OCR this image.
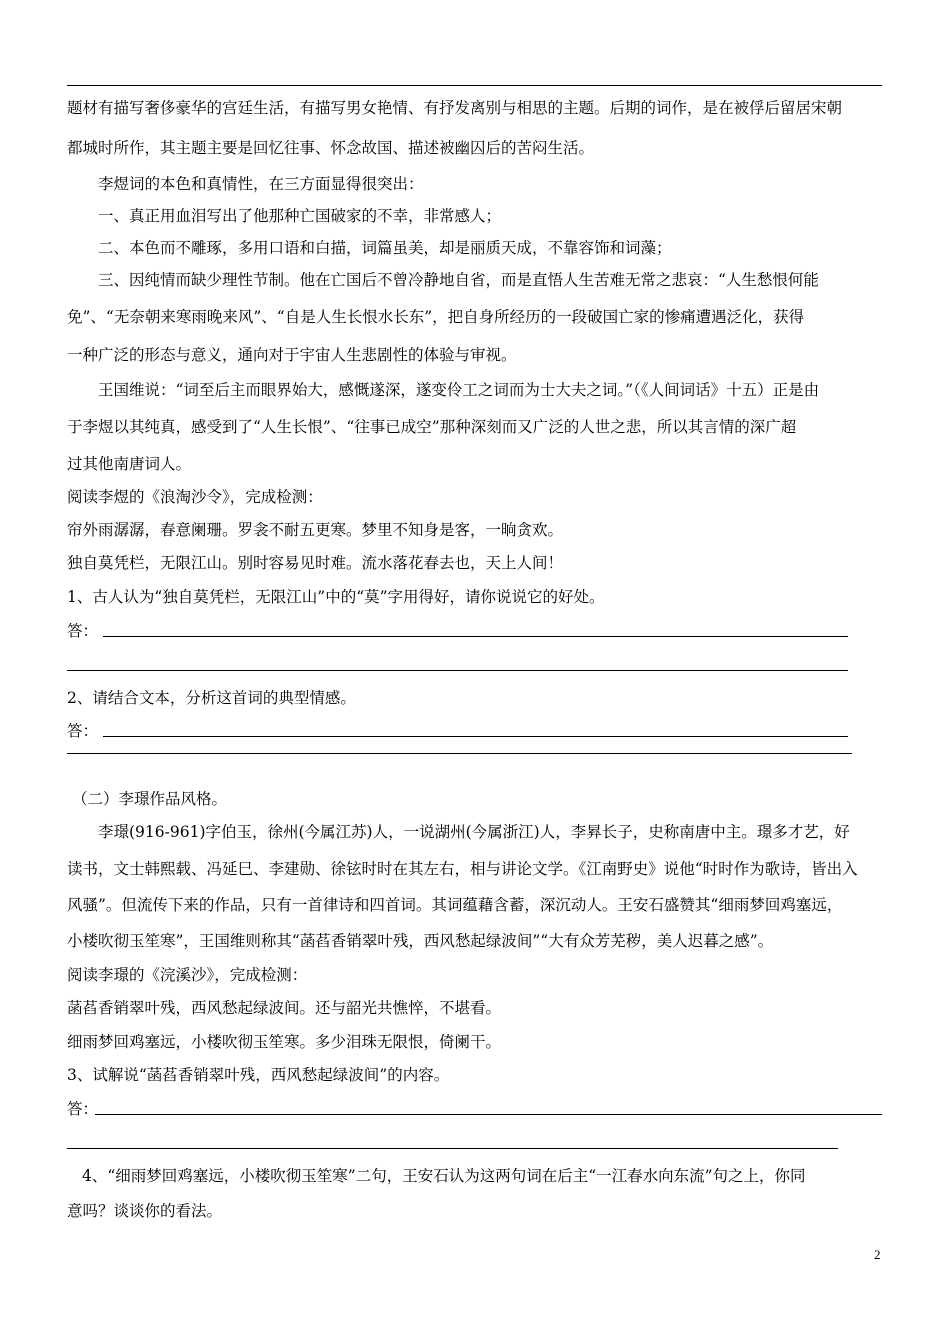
题材有描写奢侈豪华的宫廷生活，有描写男女艳情、有抒发离别与相思的主题。后期的词作，是在被俘后留居宋朝
都城时所作，其主题主要是回忆往事、怀念故国、描述被幽囚后的苦闷生活。
李煜词的本色和真情性，在三方面显得很突出：
一、真正用血泪写出了他那种亡国破家的不幸，非常感人；
二、本色而不雕琢，多用口语和白描，词篇虽美，却是丽质天成，不靠容饰和词藻；
三、因纯情而缺少理性节制。他在亡国后不曾冷静地自省，而是直悟人生苦难无常之悲哀：“人生愁恨何能
免”、“无奈朝来寒雨晚来风”、“自是人生长恨水长东”，把自身所经历的一段破国亡家的惨痛遭遇泛化，获得
一种广泛的形态与意义，通向对于宇宙人生悲剧性的体验与审视。
王国维说：“词至后主而眼界始大，感慨遂深，遂变伶工之词而为士大夫之词。”（《人间词话》十五）正是由
于李煜以其纯真，感受到了“人生长恨”、“往事已成空”那种深刻而又广泛的人世之悲，所以其言情的深广超
过其他南唐词人。
阅读李煜的《浪淘沙令》，完成检测：
帘外雨潺潺，春意阑珊。罗衾不耐五更寒。梦里不知身是客，一晌贪欢。
独自莫凭栏，无限江山。别时容易见时难。流水落花春去也，天上人间！
1、古人认为“独自莫凭栏，无限江山”中的“莫”字用得好，请你说说它的好处。
答：
2、请结合文本，分析这首词的典型情感。
答：
（二）李璟作品风格。
李璟(916-961)字伯玉，徐州(今属江苏)人，一说湖州(今属浙江)人，李昪长子，史称南唐中主。璟多才艺，好
读书，文士韩熙载、冯延巳、李建勋、徐铉时时在其左右，相与讲论文学。《江南野史》说他“时时作为歌诗，皆出入
风骚”。但流传下来的作品，只有一首律诗和四首词。其词蕴藉含蓄，深沉动人。王安石盛赞其“细雨梦回鸡塞远，
小楼吹彻玉笙寒”，王国维则称其“菡萏香销翠叶残，西风愁起绿波间”“大有众芳芜秽，美人迟暮之感”。
阅读李璟的《浣溪沙》，完成检测：
菡萏香销翠叶残，西风愁起绿波间。还与韶光共憔悴，不堪看。
细雨梦回鸡塞远，小楼吹彻玉笙寒。多少泪珠无限恨，倚阑干。
3、试解说“菡萏香销翠叶残，西风愁起绿波间”的内容。
答：
4、“细雨梦回鸡塞远，小楼吹彻玉笙寒”二句，王安石认为这两句词在后主“一江春水向东流”句之上，你同
意吗？谈谈你的看法。
2
